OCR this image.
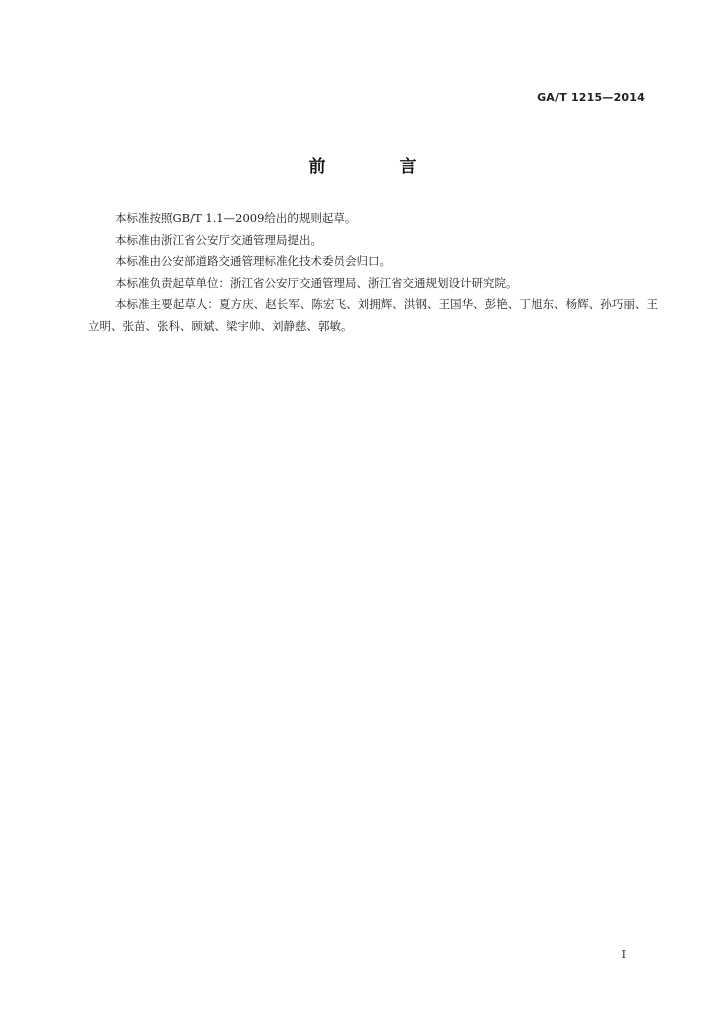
GA/T 1215—2014
前 言

本标准按照GB/T 1.1—2009给出的规则起草。

本标准由浙江省公安厅交通管理局提出。

本标准由公安部道路交通管理标准化技术委员会归口。

本标准负责起草单位：浙江省公安厅交通管理局、浙江省交通规划设计研究院。

本标准主要起草人：夏方庆、赵长军、陈宏飞、刘拥辉、洪钢、王国华、彭艳、丁旭东、杨辉、孙巧丽、王立明、张苗、张科、顾斌、梁宇帅、刘静慈、郭敏。

I
